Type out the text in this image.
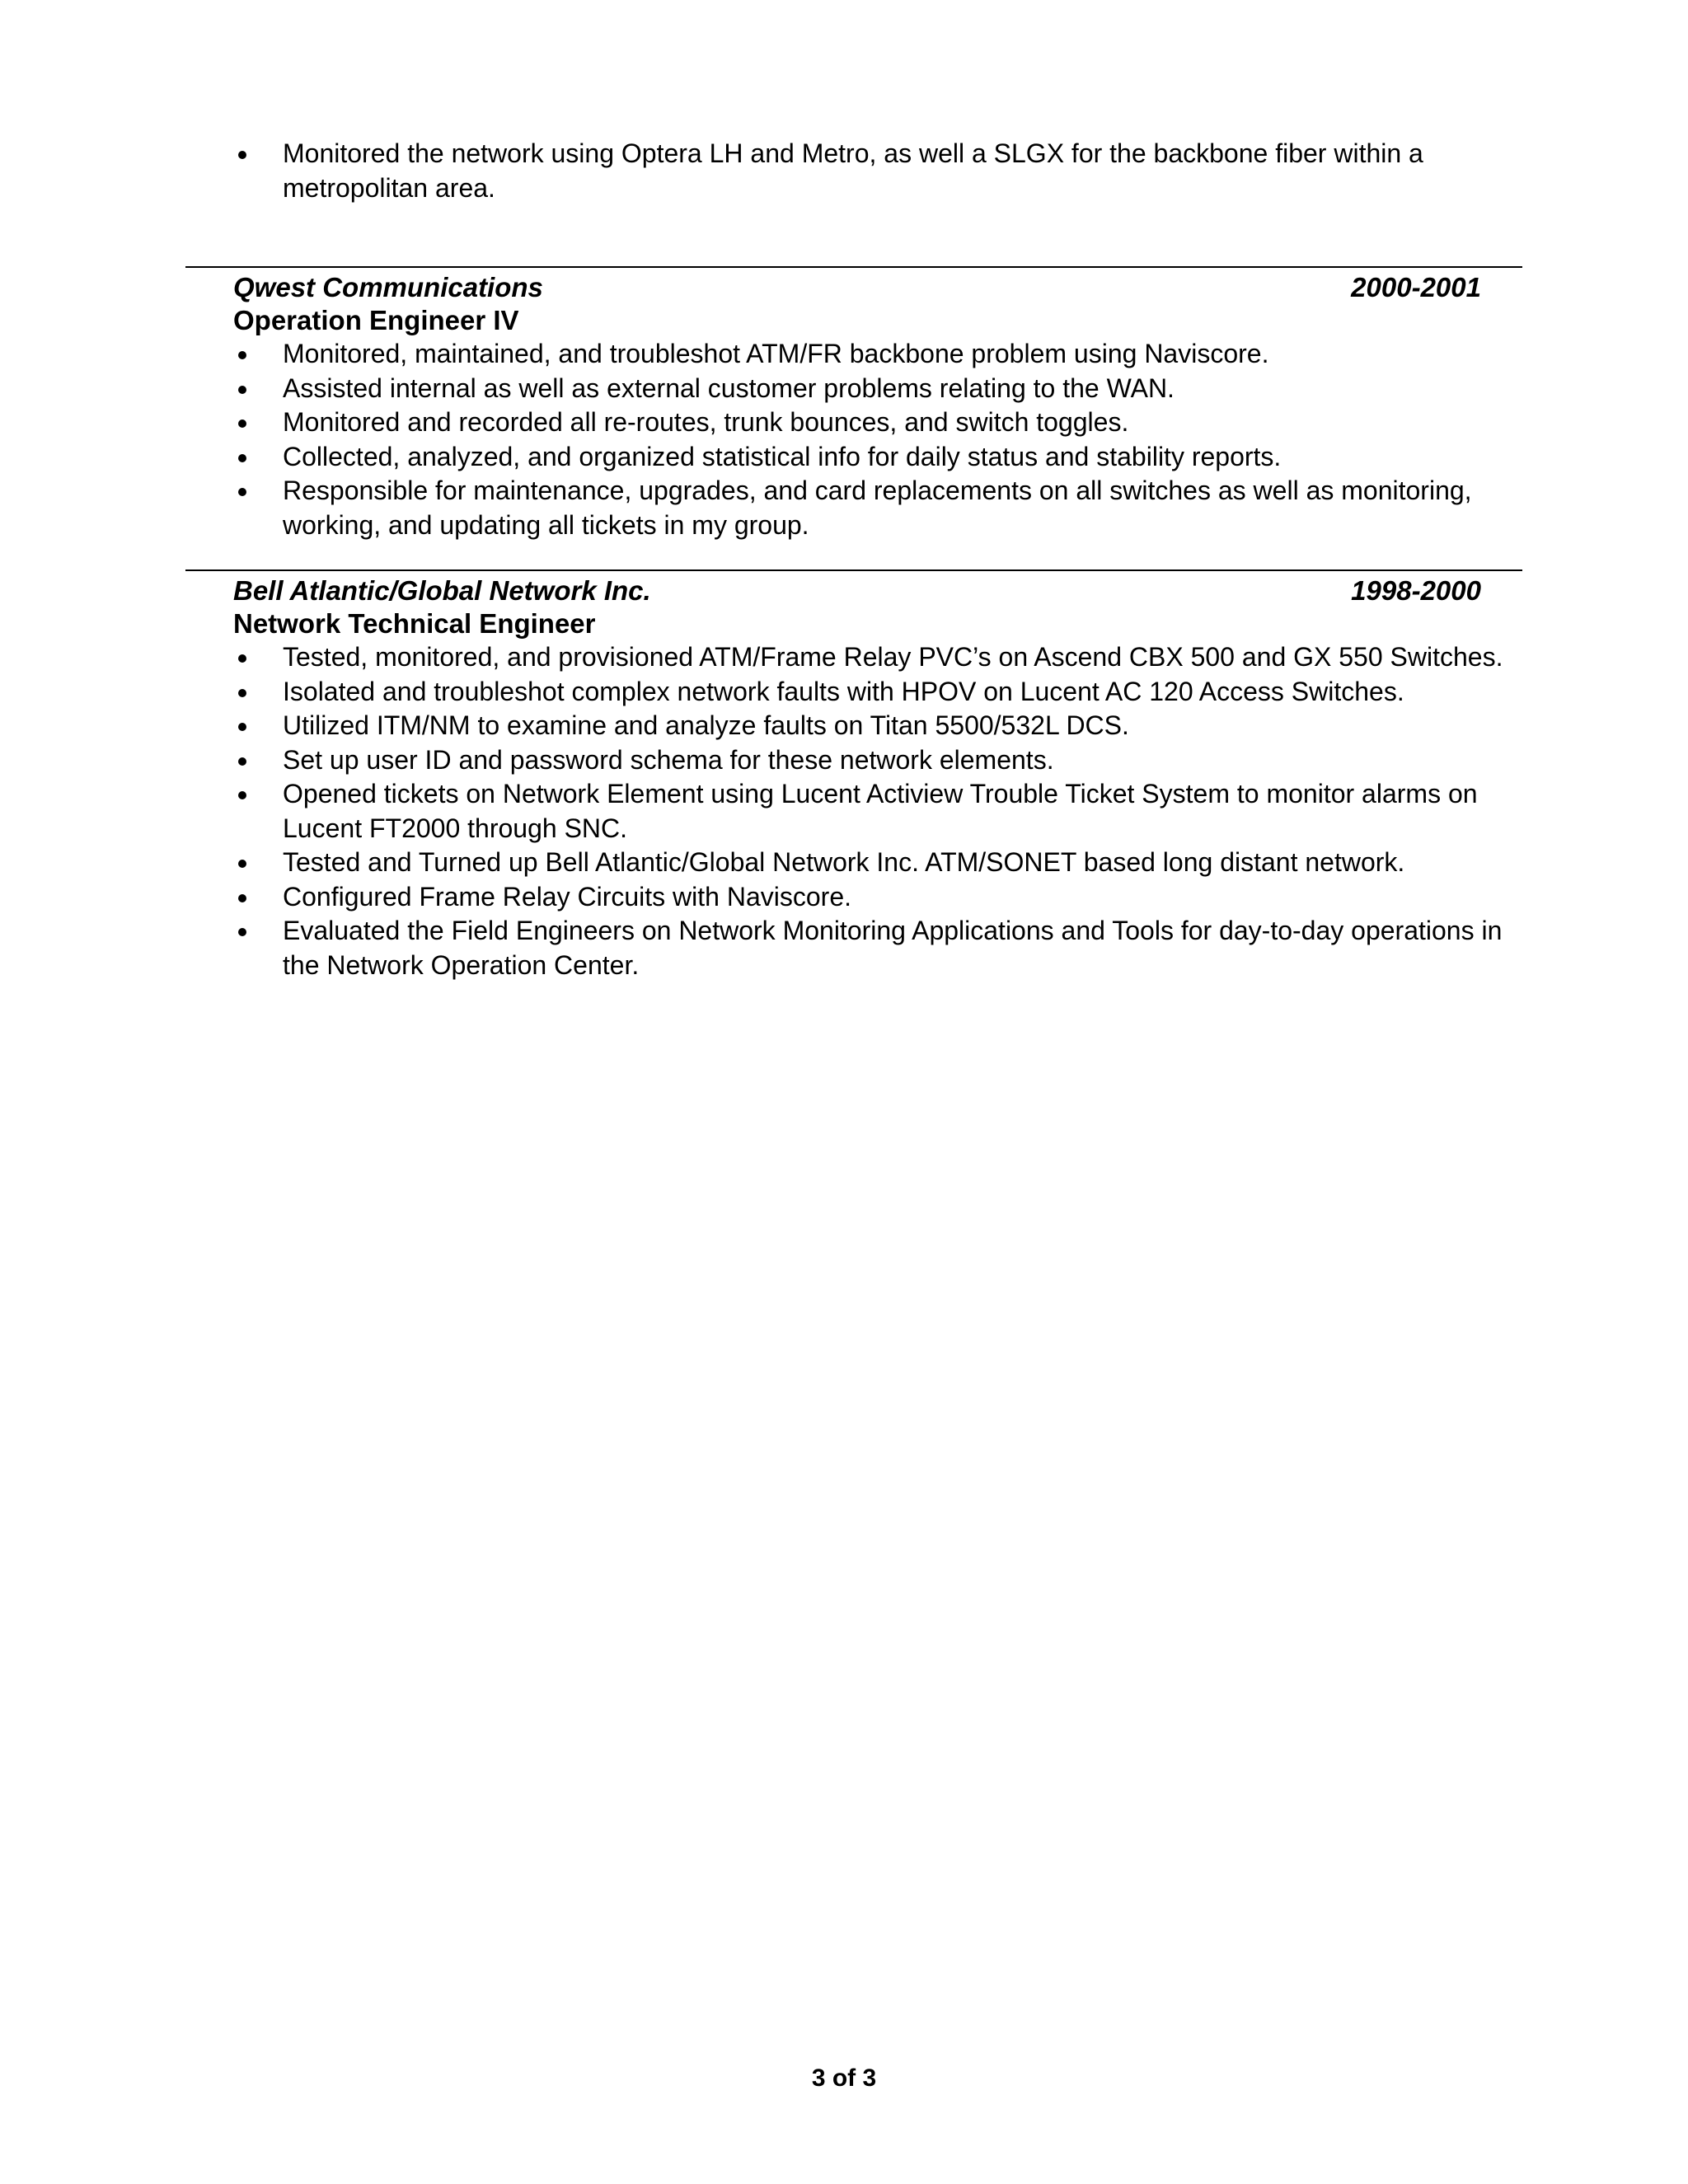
Monitored the network using Optera LH and Metro, as well a SLGX for the backbone fiber within a metropolitan area.
Qwest Communications	2000-2001
Operation Engineer IV
Monitored, maintained, and troubleshot ATM/FR backbone problem using Naviscore.
Assisted internal as well as external customer problems relating to the WAN.
Monitored and recorded all re-routes, trunk bounces, and switch toggles.
Collected, analyzed, and organized statistical info for daily status and stability reports.
Responsible for maintenance, upgrades, and card replacements on all switches as well as monitoring, working, and updating all tickets in my group.
Bell Atlantic/Global Network Inc.	1998-2000
Network Technical Engineer
Tested, monitored, and provisioned ATM/Frame Relay PVC’s on Ascend CBX 500 and GX 550 Switches.
Isolated and troubleshot complex network faults with HPOV on Lucent AC 120 Access Switches.
Utilized ITM/NM to examine and analyze faults on Titan 5500/532L DCS.
Set up user ID and password schema for these network elements.
Opened tickets on Network Element using Lucent Actiview Trouble Ticket System to monitor alarms on Lucent FT2000 through SNC.
Tested and Turned up Bell Atlantic/Global Network Inc. ATM/SONET based long distant network.
Configured Frame Relay Circuits with Naviscore.
Evaluated the Field Engineers on Network Monitoring Applications and Tools for day-to-day operations in the Network Operation Center.
3 of 3
